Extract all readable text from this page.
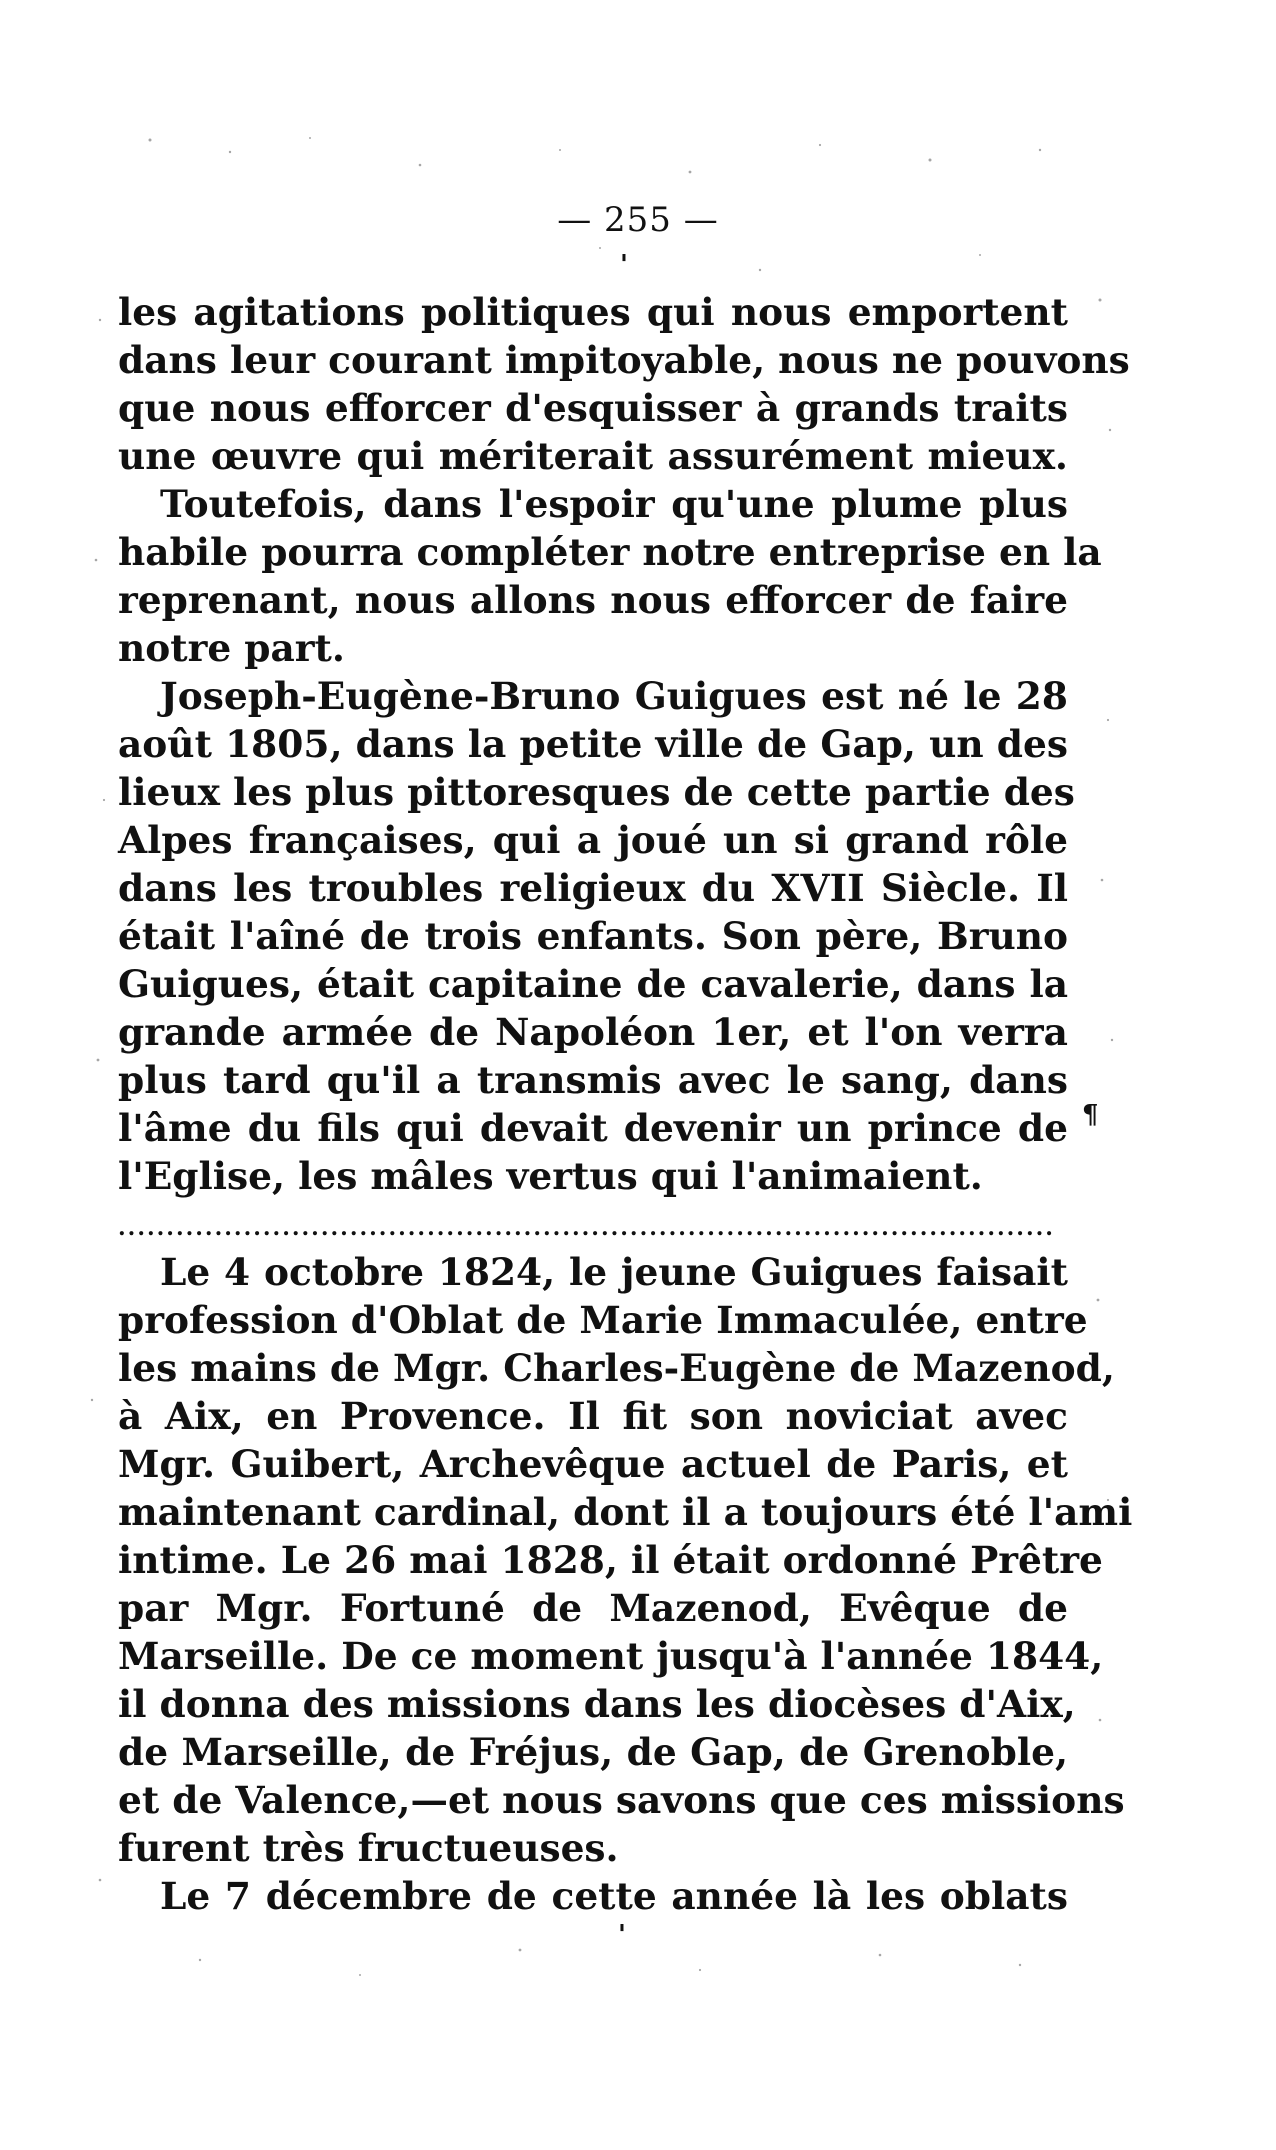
— 255 —
les agitations politiques qui nous emportent
dans leur courant impitoyable, nous ne pouvons
que nous efforcer d'esquisser à grands traits
une œuvre qui mériterait assurément mieux.
Toutefois, dans l'espoir qu'une plume plus
habile pourra compléter notre entreprise en la
reprenant, nous allons nous efforcer de faire
notre part.
Joseph-Eugène-Bruno Guigues est né le 28
août 1805, dans la petite ville de Gap, un des
lieux les plus pittoresques de cette partie des
Alpes françaises, qui a joué un si grand rôle
dans les troubles religieux du XVII Siècle. Il
était l'aîné de trois enfants. Son père, Bruno
Guigues, était capitaine de cavalerie, dans la
grande armée de Napoléon 1er, et l'on verra
plus tard qu'il a transmis avec le sang, dans
l'âme du fils qui devait devenir un prince de
l'Eglise, les mâles vertus qui l'animaient.
.................................................................................................
Le 4 octobre 1824, le jeune Guigues faisait
profession d'Oblat de Marie Immaculée, entre
les mains de Mgr. Charles-Eugène de Mazenod,
à Aix, en Provence. Il fit son noviciat avec
Mgr. Guibert, Archevêque actuel de Paris, et
maintenant cardinal, dont il a toujours été l'ami
intime. Le 26 mai 1828, il était ordonné Prêtre
par Mgr. Fortuné de Mazenod, Evêque de
Marseille. De ce moment jusqu'à l'année 1844,
il donna des missions dans les diocèses d'Aix,
de Marseille, de Fréjus, de Gap, de Grenoble,
et de Valence,—et nous savons que ces missions
furent très fructueuses.
Le 7 décembre de cette année là les oblats
'
¶
'
